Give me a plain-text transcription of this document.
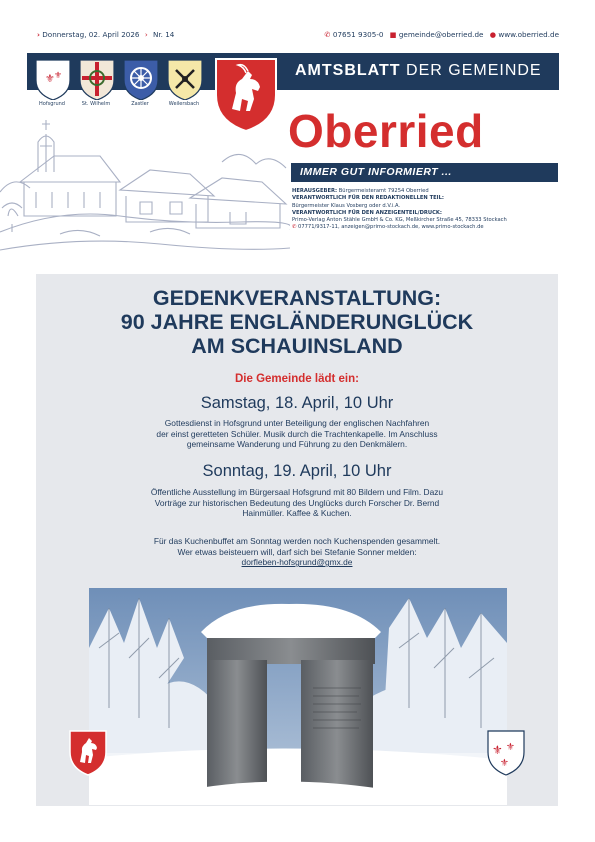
› Donnerstag, 02. April 2026 › Nr. 14	✆ 07651 9305-0 ■ gemeinde@oberried.de ● www.oberried.de
AMTSBLATT DER GEMEINDE
⚜ ⚜
Hofsgrund	St. Wilhelm	Zastler	Weilersbach
Oberried
IMMER GUT INFORMIERT ...
HERAUSGEBER: Bürgermeisteramt 79254 Oberried
VERANTWORTLICH FÜR DEN REDAKTIONELLEN TEIL:
Bürgermeister Klaus Vosberg oder d.V.i.A.
VERANTWORTLICH FÜR DEN ANZEIGENTEIL/DRUCK:
Primo-Verlag Anton Stähle GmbH & Co. KG, Meßkircher Straße 45, 78333 Stockach
✆ 07771/9317-11, anzeigen@primo-stockach.de, www.primo-stockach.de
GEDENKVERANSTALTUNG:
90 JAHRE ENGLÄNDERUNGLÜCK
AM SCHAUINSLAND
Die Gemeinde lädt ein:
Samstag, 18. April, 10 Uhr
Gottesdienst in Hofsgrund unter Beteiligung der englischen Nachfahren
der einst geretteten Schüler. Musik durch die Trachtenkapelle. Im Anschluss
gemeinsame Wanderung und Führung zu den Denkmälern.
Sonntag, 19. April, 10 Uhr
Öffentliche Ausstellung im Bürgersaal Hofsgrund mit 80 Bildern und Film. Dazu
Vorträge zur historischen Bedeutung des Unglücks durch Forscher Dr. Bernd
Hainmüller. Kaffee & Kuchen.
Für das Kuchenbuffet am Sonntag werden noch Kuchenspenden gesammelt.
Wer etwas beisteuern will, darf sich bei Stefanie Sonner melden:
dorfleben-hofsgrund@gmx.de
⚜ ⚜
⚜
